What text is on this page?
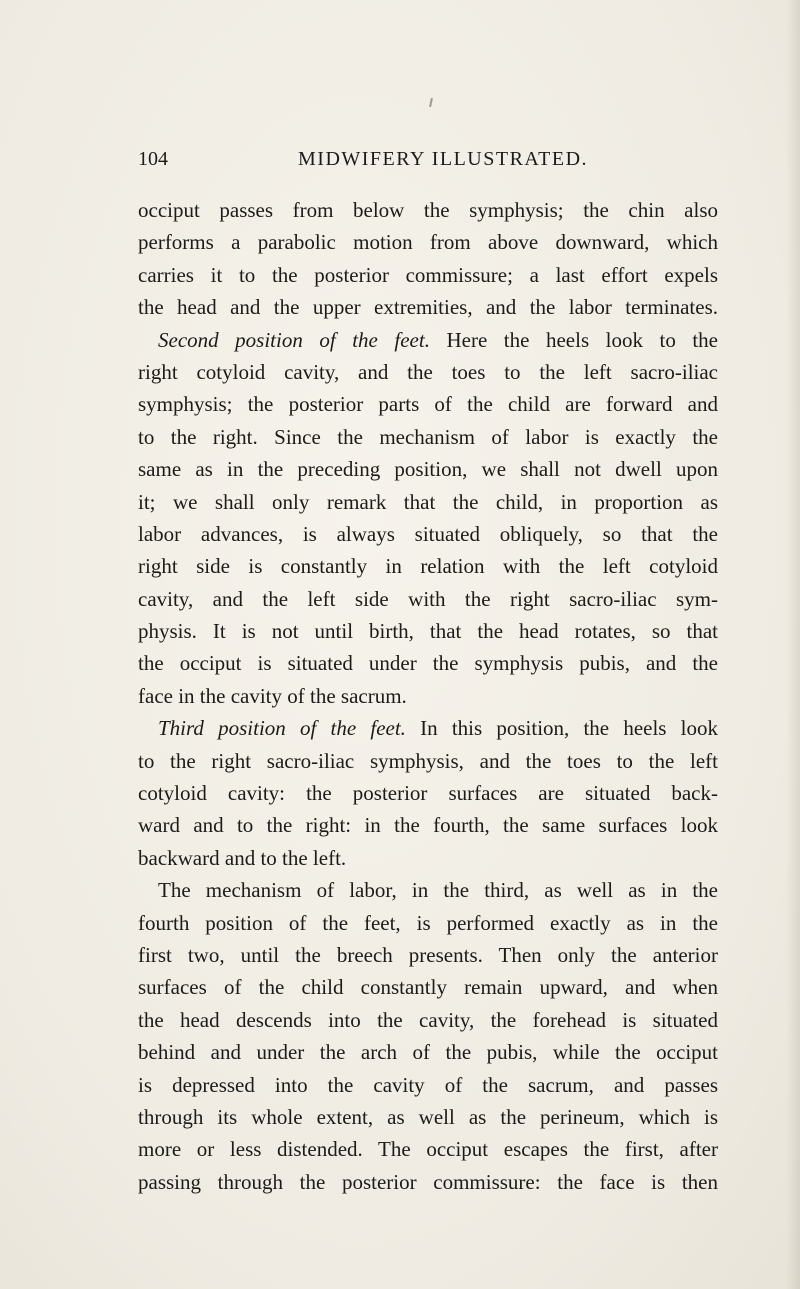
104	MIDWIFERY ILLUSTRATED.
occiput passes from below the symphysis; the chin also
performs a parabolic motion from above downward, which
carries it to the posterior commissure; a last effort expels
the head and the upper extremities, and the labor terminates.
Second position of the feet. Here the heels look to the
right cotyloid cavity, and the toes to the left sacro-iliac
symphysis; the posterior parts of the child are forward and
to the right. Since the mechanism of labor is exactly the
same as in the preceding position, we shall not dwell upon
it; we shall only remark that the child, in proportion as
labor advances, is always situated obliquely, so that the
right side is constantly in relation with the left cotyloid
cavity, and the left side with the right sacro-iliac sym-
physis. It is not until birth, that the head rotates, so that
the occiput is situated under the symphysis pubis, and the
face in the cavity of the sacrum.
Third position of the feet. In this position, the heels look
to the right sacro-iliac symphysis, and the toes to the left
cotyloid cavity: the posterior surfaces are situated back-
ward and to the right: in the fourth, the same surfaces look
backward and to the left.
The mechanism of labor, in the third, as well as in the
fourth position of the feet, is performed exactly as in the
first two, until the breech presents. Then only the anterior
surfaces of the child constantly remain upward, and when
the head descends into the cavity, the forehead is situated
behind and under the arch of the pubis, while the occiput
is depressed into the cavity of the sacrum, and passes
through its whole extent, as well as the perineum, which is
more or less distended. The occiput escapes the first, after
passing through the posterior commissure: the face is then
